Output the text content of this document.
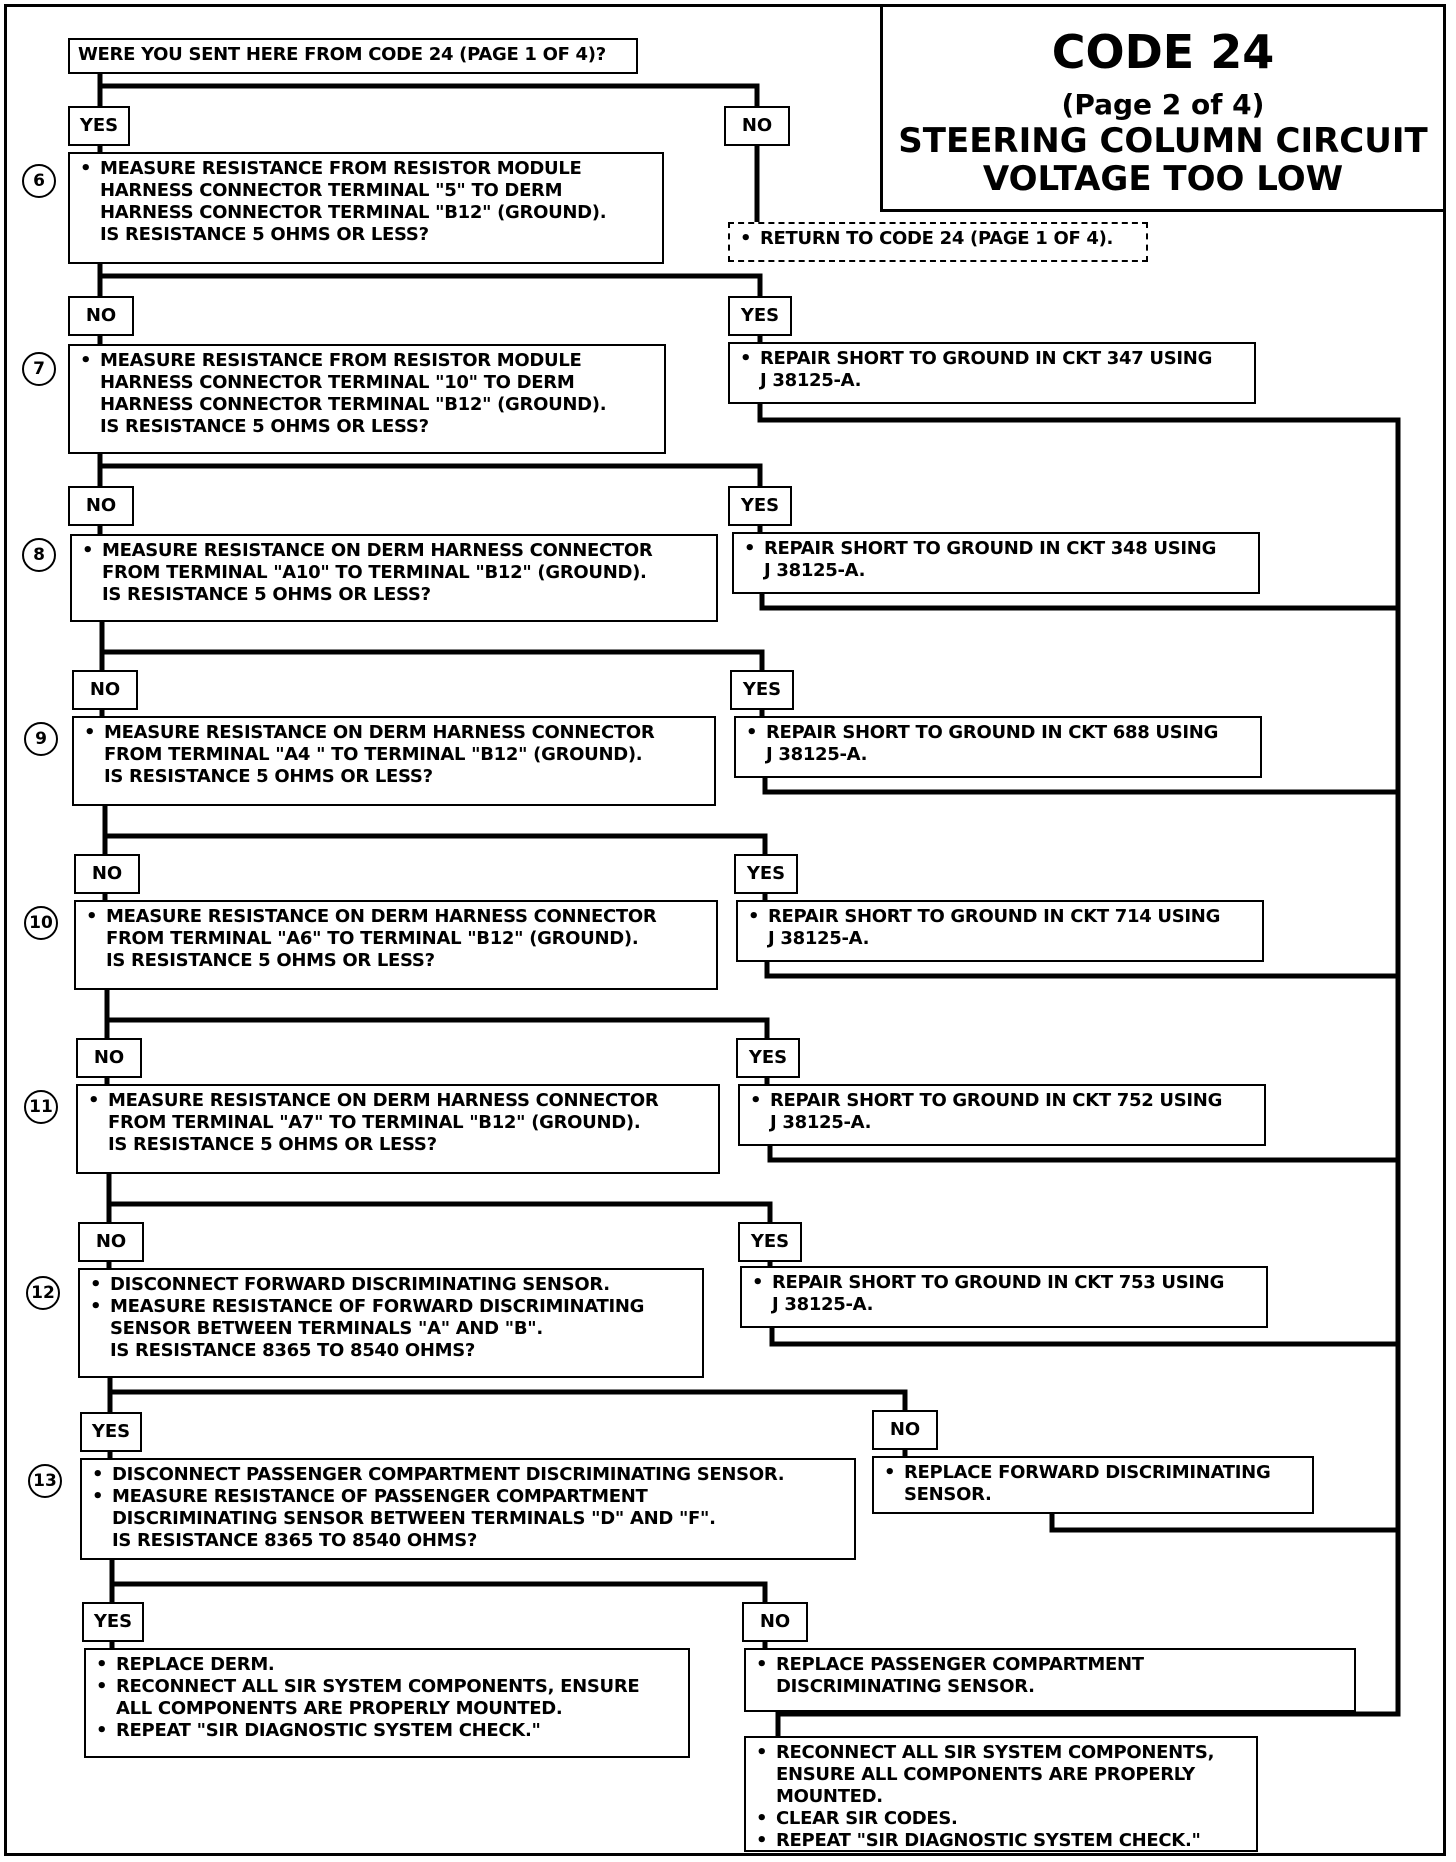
CODE 24
(Page 2 of 4)
STEERING COLUMN CIRCUIT
VOLTAGE TOO LOW
WERE YOU SENT HERE FROM CODE 24 (PAGE 1 OF 4)?
YES	NO
• RETURN TO CODE 24 (PAGE 1 OF 4).
6
• MEASURE RESISTANCE FROM RESISTOR MODULE
HARNESS CONNECTOR TERMINAL "5" TO DERM
HARNESS CONNECTOR TERMINAL "B12" (GROUND).
IS RESISTANCE 5 OHMS OR LESS?
NO	YES
• REPAIR SHORT TO GROUND IN CKT 347 USING
J 38125-A.
7	• MEASURE RESISTANCE FROM RESISTOR MODULE
HARNESS CONNECTOR TERMINAL "10" TO DERM
HARNESS CONNECTOR TERMINAL "B12" (GROUND).
IS RESISTANCE 5 OHMS OR LESS?
NO	YES
• REPAIR SHORT TO GROUND IN CKT 348 USING
J 38125-A.
8	• MEASURE RESISTANCE ON DERM HARNESS CONNECTOR
FROM TERMINAL "A10" TO TERMINAL "B12" (GROUND).
IS RESISTANCE 5 OHMS OR LESS?
NO	YES
• REPAIR SHORT TO GROUND IN CKT 688 USING
J 38125-A.
9	• MEASURE RESISTANCE ON DERM HARNESS CONNECTOR
FROM TERMINAL "A4 " TO TERMINAL "B12" (GROUND).
IS RESISTANCE 5 OHMS OR LESS?
NO	YES
• REPAIR SHORT TO GROUND IN CKT 714 USING
J 38125-A.
10	• MEASURE RESISTANCE ON DERM HARNESS CONNECTOR
FROM TERMINAL "A6" TO TERMINAL "B12" (GROUND).
IS RESISTANCE 5 OHMS OR LESS?
NO	YES
• REPAIR SHORT TO GROUND IN CKT 752 USING
J 38125-A.
11	• MEASURE RESISTANCE ON DERM HARNESS CONNECTOR
FROM TERMINAL "A7" TO TERMINAL "B12" (GROUND).
IS RESISTANCE 5 OHMS OR LESS?
NO	YES
• REPAIR SHORT TO GROUND IN CKT 753 USING
J 38125-A.
12	• DISCONNECT FORWARD DISCRIMINATING SENSOR.
• MEASURE RESISTANCE OF FORWARD DISCRIMINATING
SENSOR BETWEEN TERMINALS "A" AND "B".
IS RESISTANCE 8365 TO 8540 OHMS?
YES	NO
• REPLACE FORWARD DISCRIMINATING
SENSOR.
13	• DISCONNECT PASSENGER COMPARTMENT DISCRIMINATING SENSOR.
• MEASURE RESISTANCE OF PASSENGER COMPARTMENT
DISCRIMINATING SENSOR BETWEEN TERMINALS "D" AND "F".
IS RESISTANCE 8365 TO 8540 OHMS?
YES	NO
• REPLACE DERM.
• RECONNECT ALL SIR SYSTEM COMPONENTS, ENSURE
ALL COMPONENTS ARE PROPERLY MOUNTED.
• REPEAT "SIR DIAGNOSTIC SYSTEM CHECK."
• REPLACE PASSENGER COMPARTMENT
DISCRIMINATING SENSOR.
• RECONNECT ALL SIR SYSTEM COMPONENTS,
ENSURE ALL COMPONENTS ARE PROPERLY
MOUNTED.
• CLEAR SIR CODES.
• REPEAT "SIR DIAGNOSTIC SYSTEM CHECK."
